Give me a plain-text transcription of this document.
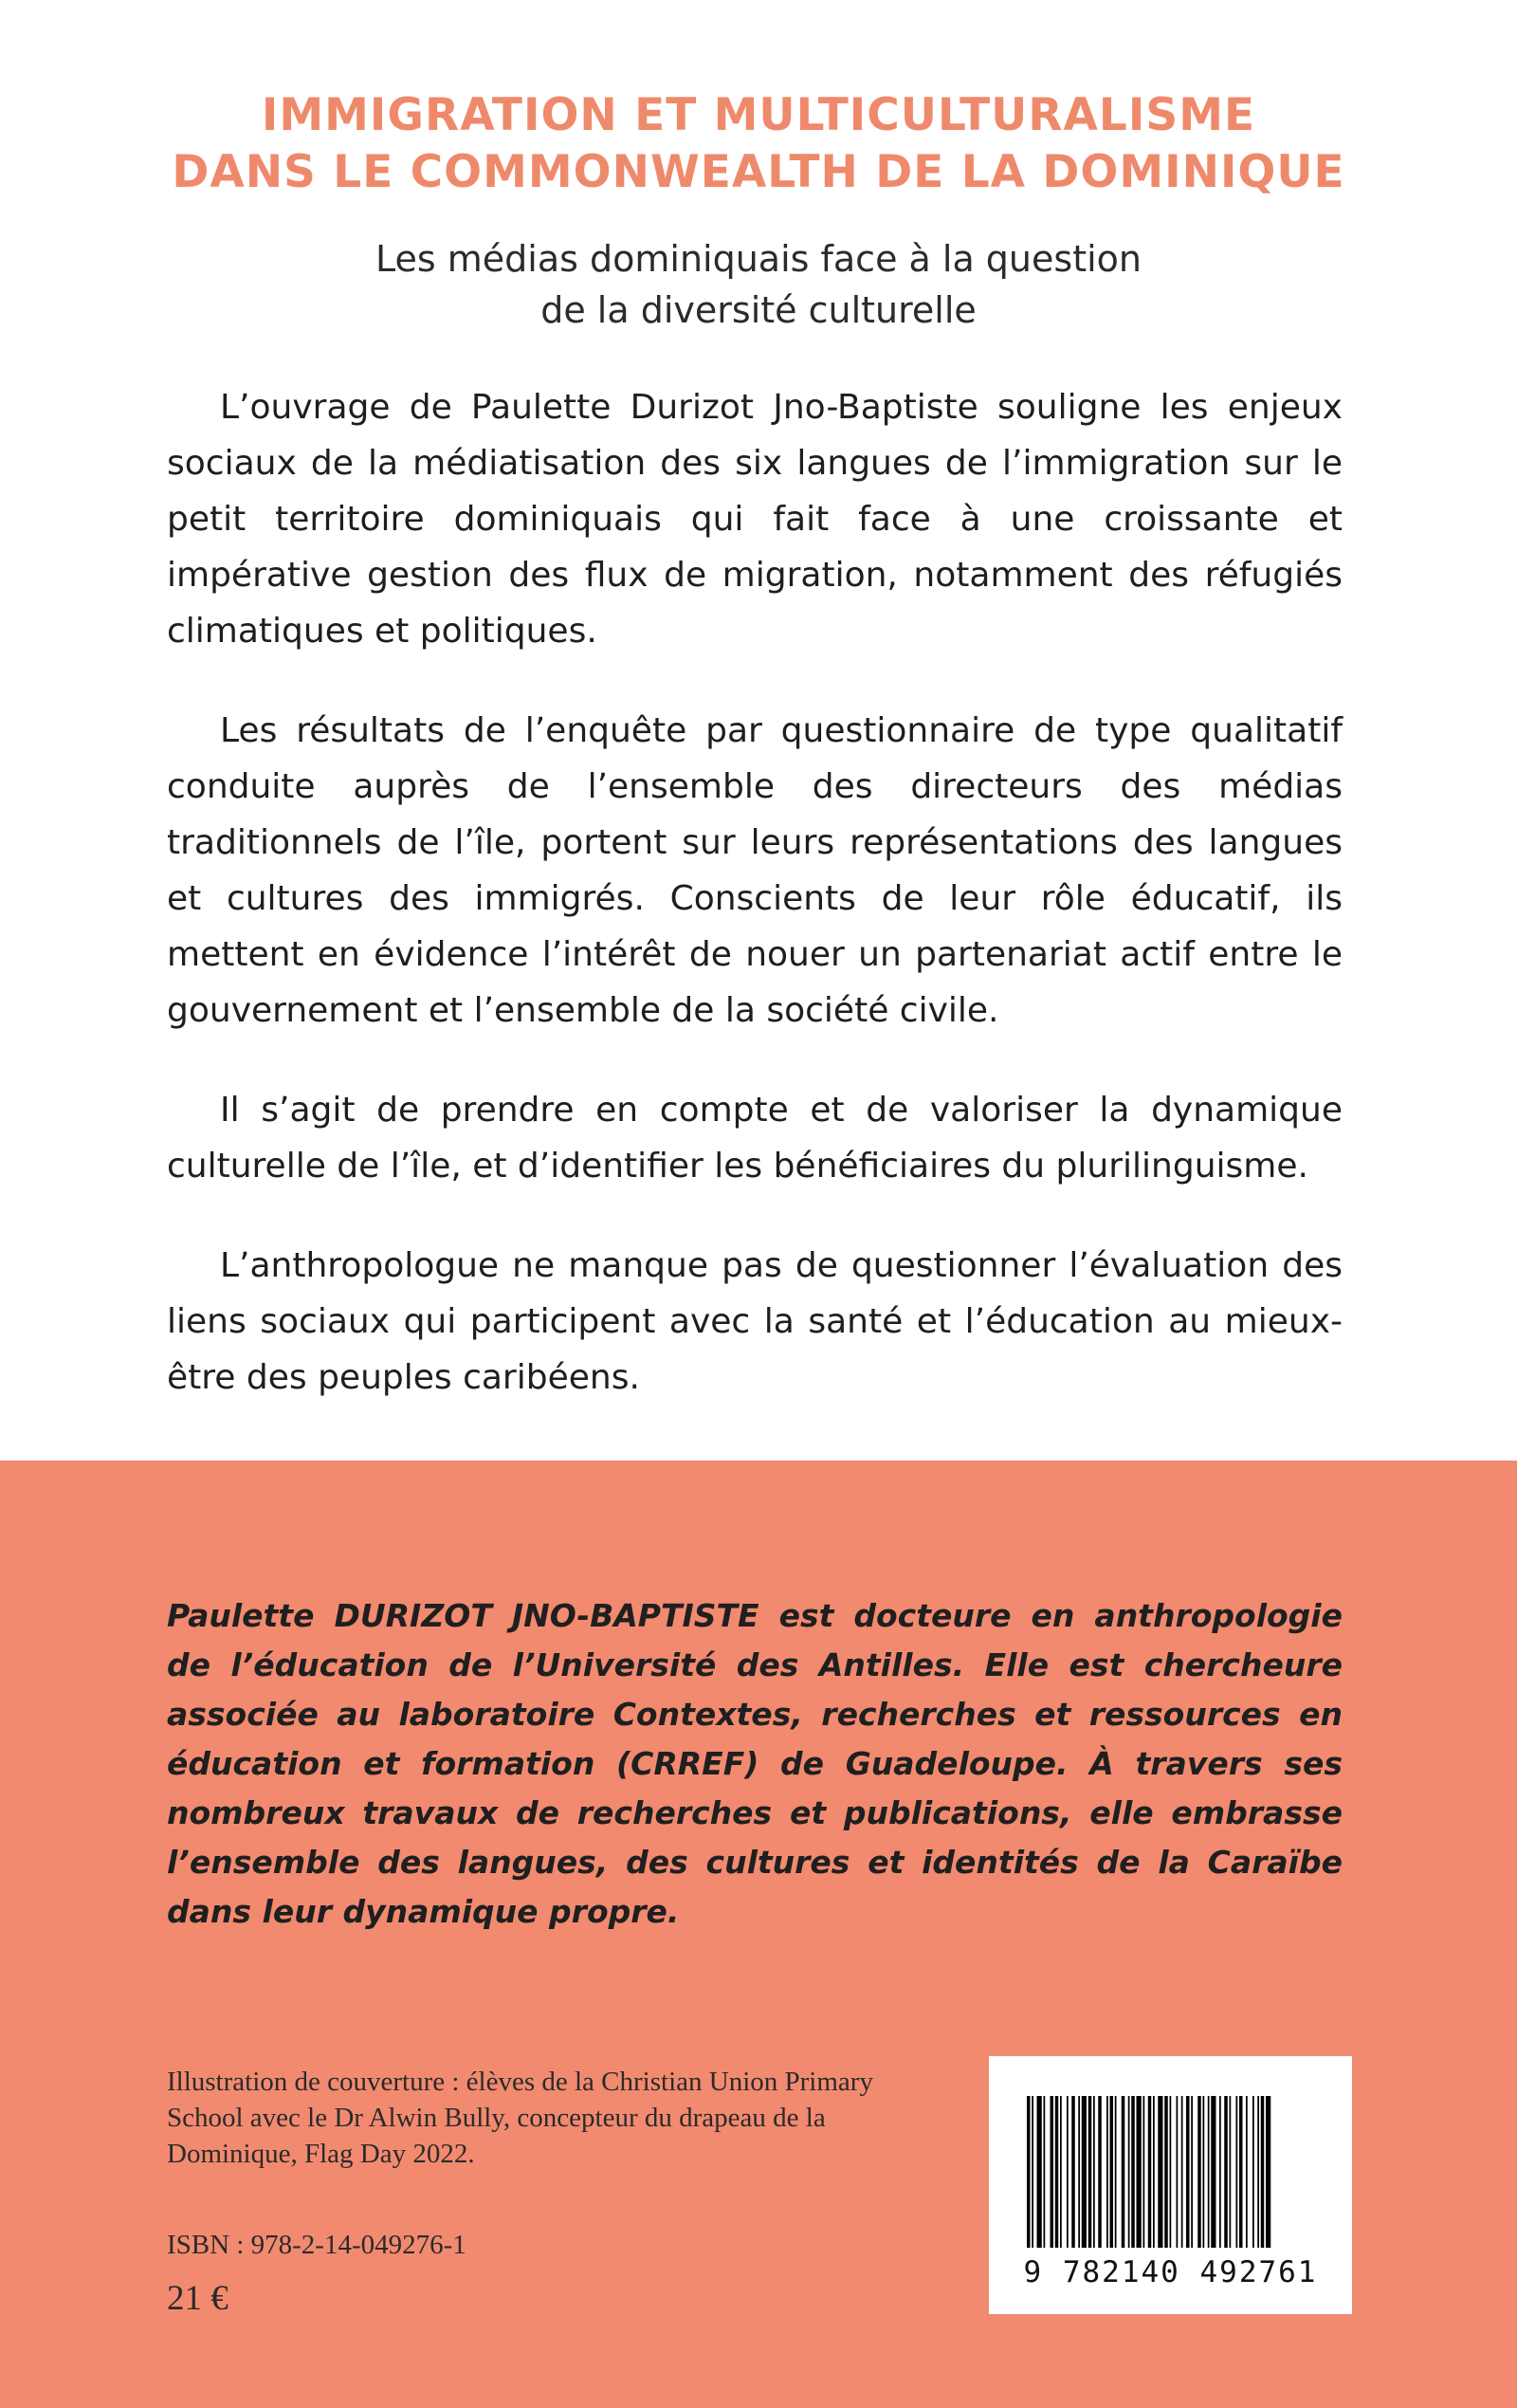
IMMIGRATION ET MULTICULTURALISME
DANS LE COMMONWEALTH DE LA DOMINIQUE
Les médias dominiquais face à la question
de la diversité culturelle

L’ouvrage de Paulette Durizot Jno-Baptiste souligne les enjeux sociaux de la médiatisation des six langues de l’immigration sur le petit territoire dominiquais qui fait face à une croissante et impérative gestion des flux de migration, notamment des réfugiés climatiques et politiques.

Les résultats de l’enquête par questionnaire de type qualitatif conduite auprès de l’ensemble des directeurs des médias traditionnels de l’île, portent sur leurs représentations des langues et cultures des immigrés. Conscients de leur rôle éducatif, ils mettent en évidence l’intérêt de nouer un partenariat actif entre le gouvernement et l’ensemble de la société civile.

Il s’agit de prendre en compte et de valoriser la dynamique culturelle de l’île, et d’identifier les bénéficiaires du plurilinguisme.

L’anthropologue ne manque pas de questionner l’évaluation des liens sociaux qui participent avec la santé et l’éducation au mieux-être des peuples caribéens.

Paulette DURIZOT JNO-BAPTISTE est docteure en anthropologie de l’éducation de l’Université des Antilles. Elle est chercheure associée au laboratoire Contextes, recherches et ressources en éducation et formation (CRREF) de Guadeloupe. À travers ses nombreux travaux de recherches et publications, elle embrasse l’ensemble des langues, des cultures et identités de la Caraïbe dans leur dynamique propre.

Illustration de couverture : élèves de la Christian Union Primary School avec le Dr Alwin Bully, concepteur du drapeau de la Dominique, Flag Day 2022.

ISBN : 978-2-14-049276-1
21 €
9 782140 492761
